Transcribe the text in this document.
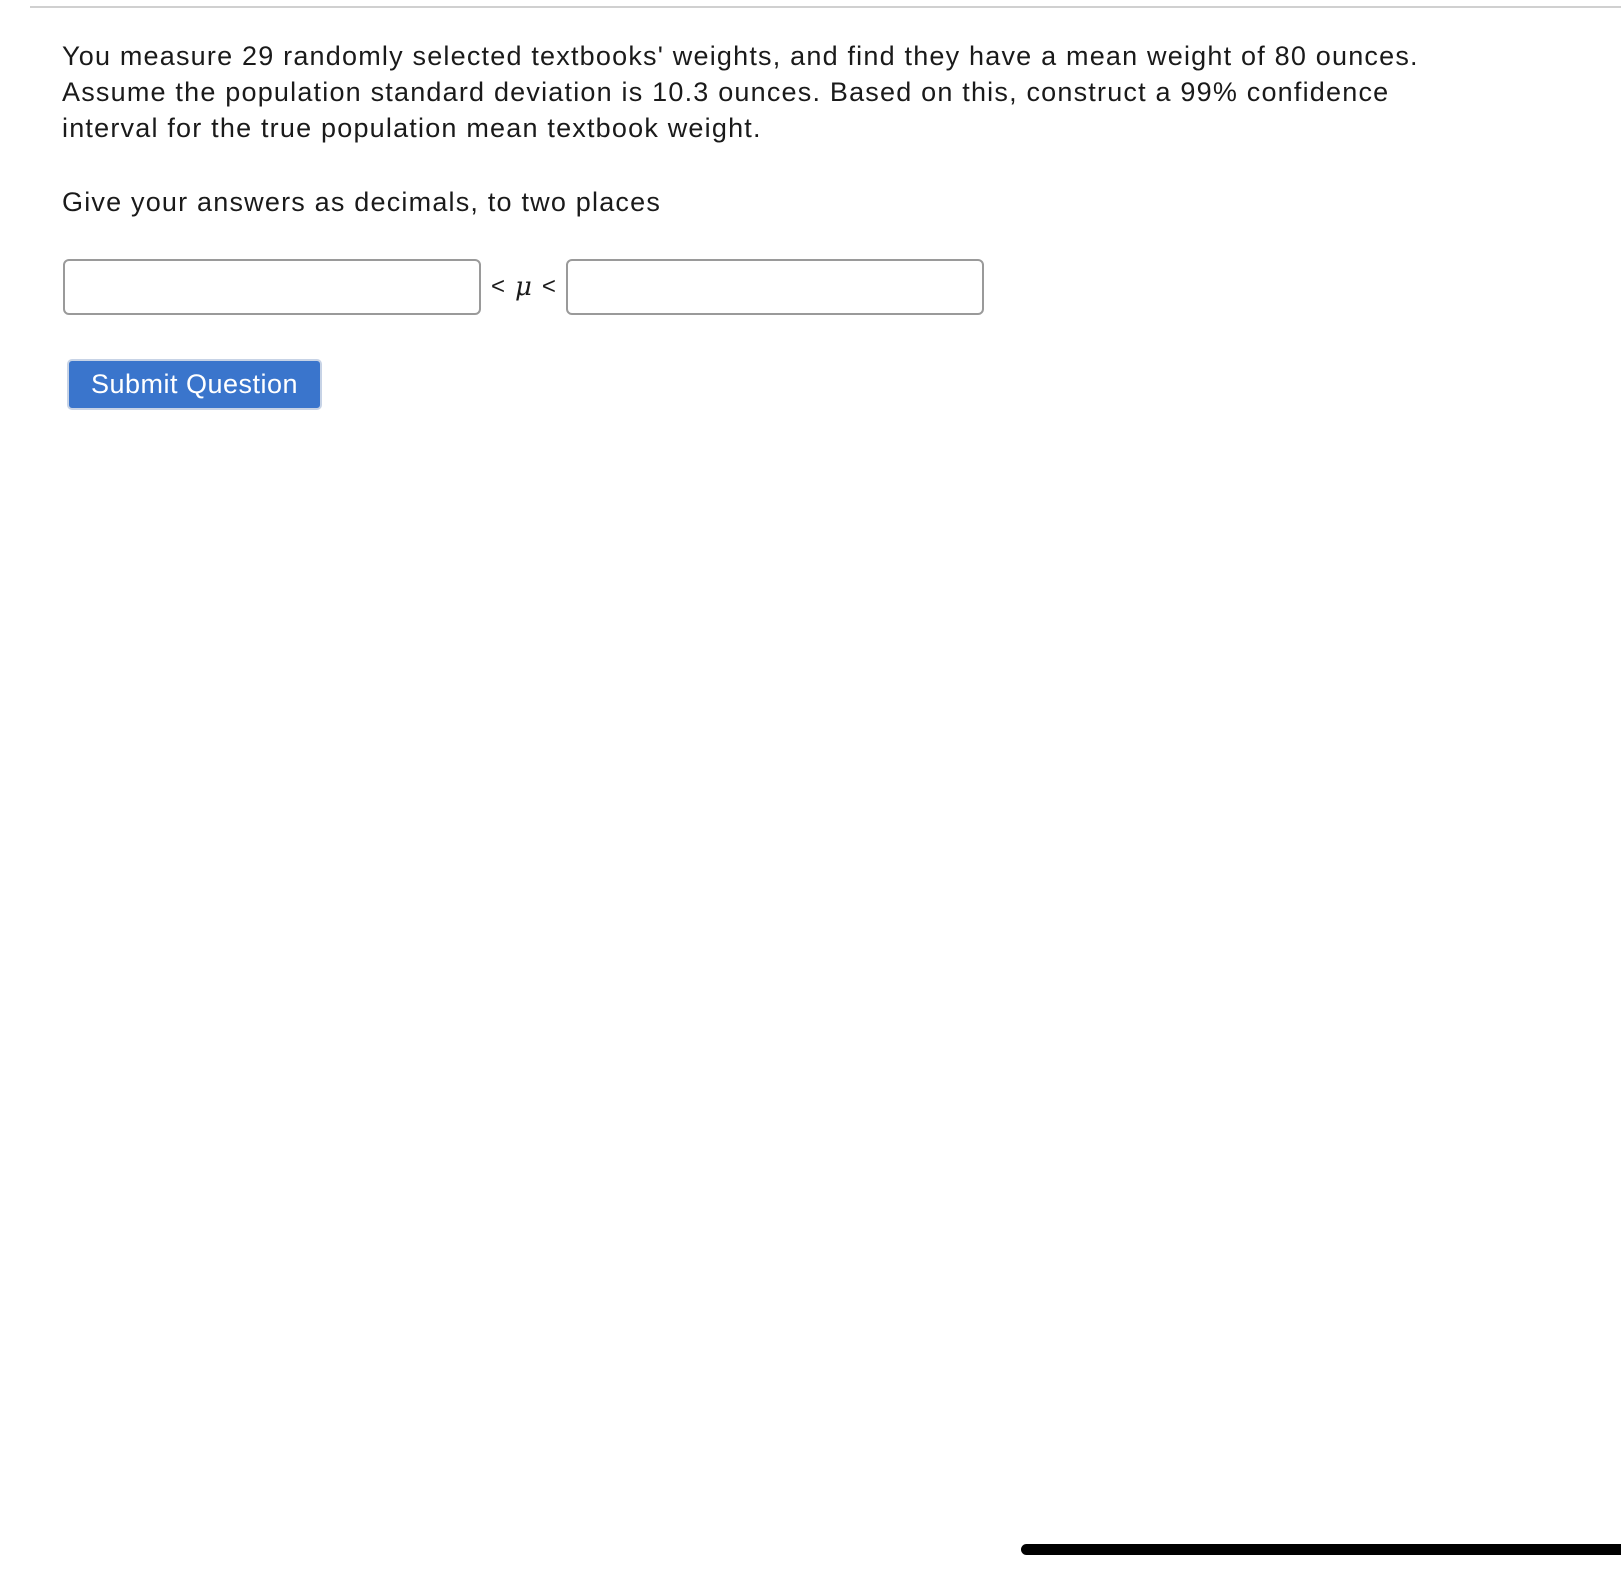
You measure 29 randomly selected textbooks' weights, and find they have a mean weight of 80 ounces. Assume the population standard deviation is 10.3 ounces. Based on this, construct a 99% confidence interval for the true population mean textbook weight.

Give your answers as decimals, to two places

< μ <
Submit Question
